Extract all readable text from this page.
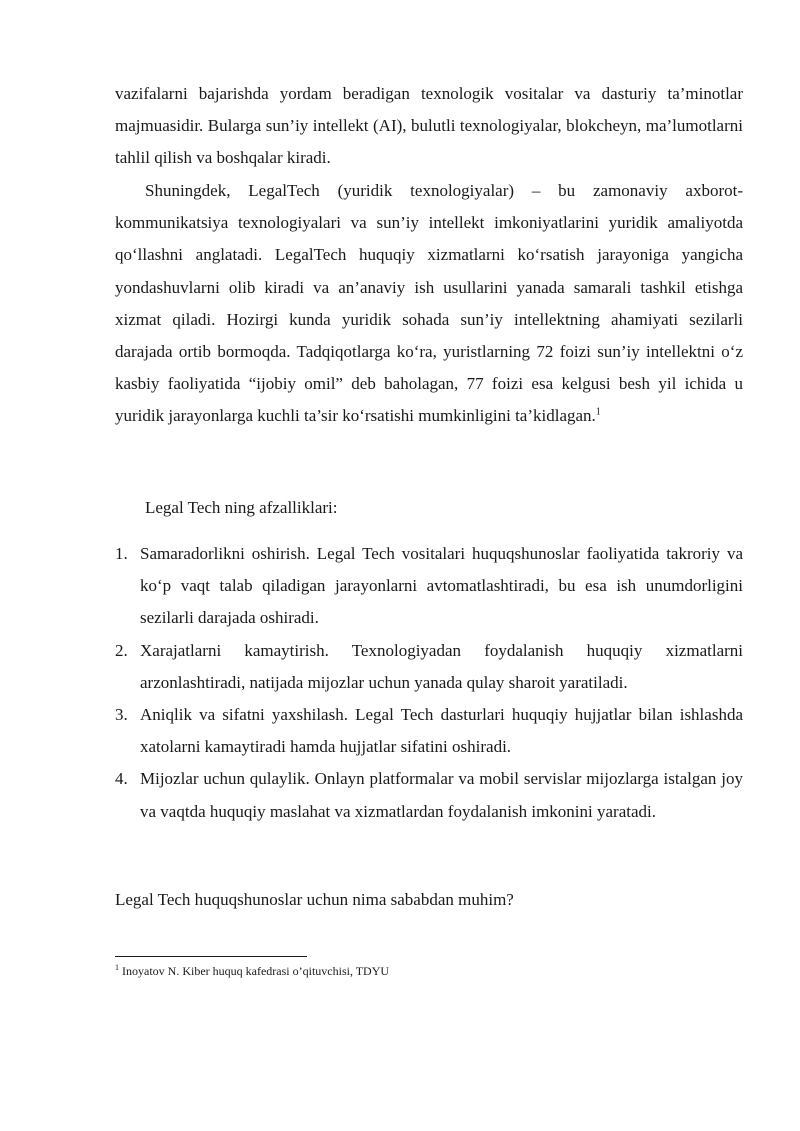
vazifalarni bajarishda yordam beradigan texnologik vositalar va dasturiy ta’minotlar majmuasidir. Bularga sun’iy intellekt (AI), bulutli texnologiyalar, blokcheyn, ma’lumotlarni tahlil qilish va boshqalar kiradi.

Shuningdek, LegalTech (yuridik texnologiyalar) – bu zamonaviy axborot-kommunikatsiya texnologiyalari va sun’iy intellekt imkoniyatlarini yuridik amaliyotda qo‘llashni anglatadi. LegalTech huquqiy xizmatlarni ko‘rsatish jarayoniga yangicha yondashuvlarni olib kiradi va an’anaviy ish usullarini yanada samarali tashkil etishga xizmat qiladi. Hozirgi kunda yuridik sohada sun’iy intellektning ahamiyati sezilarli darajada ortib bormoqda. Tadqiqotlarga ko‘ra, yuristlarning 72 foizi sun’iy intellektni o‘z kasbiy faoliyatida “ijobiy omil” deb baholagan, 77 foizi esa kelgusi besh yil ichida u yuridik jarayonlarga kuchli ta’sir ko‘rsatishi mumkinligini ta’kidlagan.$^1$

Legal Tech ning afzalliklari:
1. Samaradorlikni oshirish. Legal Tech vositalari huquqshunoslar faoliyatida takroriy va ko‘p vaqt talab qiladigan jarayonlarni avtomatlashtiradi, bu esa ish unumdorligini sezilarli darajada oshiradi.
2. Xarajatlarni kamaytirish. Texnologiyadan foydalanish huquqiy xizmatlarni arzonlashtiradi, natijada mijozlar uchun yanada qulay sharoit yaratiladi.
3. Aniqlik va sifatni yaxshilash. Legal Tech dasturlari huquqiy hujjatlar bilan ishlashda xatolarni kamaytiradi hamda hujjatlar sifatini oshiradi.
4. Mijozlar uchun qulaylik. Onlayn platformalar va mobil servislar mijozlarga istalgan joy va vaqtda huquqiy maslahat va xizmatlardan foydalanish imkonini yaratadi.
Legal Tech huquqshunoslar uchun nima sababdan muhim?
$^1$ Inoyatov N. Kiber huquq kafedrasi o’qituvchisi, TDYU
